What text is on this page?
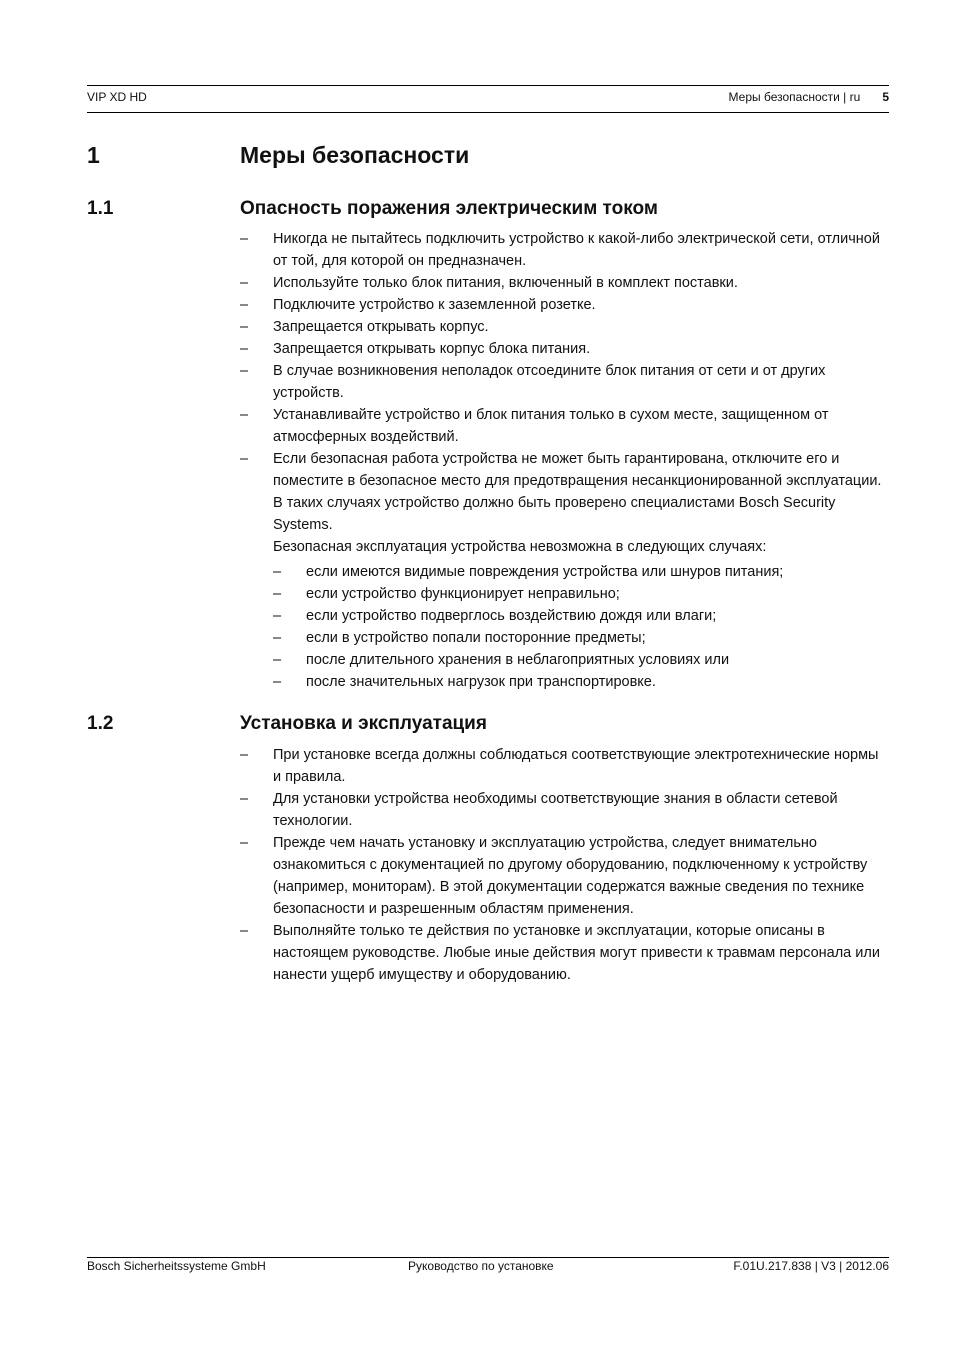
VIP XD HD	Меры безопасности | ru 5
1	Меры безопасности
1.1	Опасность поражения электрическим током
– Никогда не пытайтесь подключить устройство к какой-либо электрической сети, отличной от той, для которой он предназначен.
– Используйте только блок питания, включенный в комплект поставки.
– Подключите устройство к заземленной розетке.
– Запрещается открывать корпус.
– Запрещается открывать корпус блока питания.
– В случае возникновения неполадок отсоедините блок питания от сети и от других устройств.
– Устанавливайте устройство и блок питания только в сухом месте, защищенном от атмосферных воздействий.
– Если безопасная работа устройства не может быть гарантирована, отключите его и поместите в безопасное место для предотвращения несанкционированной эксплуатации. В таких случаях устройство должно быть проверено специалистами Bosch Security Systems.
Безопасная эксплуатация устройства невозможна в следующих случаях:
– если имеются видимые повреждения устройства или шнуров питания;
– если устройство функционирует неправильно;
– если устройство подверглось воздействию дождя или влаги;
– если в устройство попали посторонние предметы;
– после длительного хранения в неблагоприятных условиях или
– после значительных нагрузок при транспортировке.
1.2	Установка и эксплуатация
– При установке всегда должны соблюдаться соответствующие электротехнические нормы и правила.
– Для установки устройства необходимы соответствующие знания в области сетевой технологии.
– Прежде чем начать установку и эксплуатацию устройства, следует внимательно ознакомиться с документацией по другому оборудованию, подключенному к устройству (например, мониторам). В этой документации содержатся важные сведения по технике безопасности и разрешенным областям применения.
– Выполняйте только те действия по установке и эксплуатации, которые описаны в настоящем руководстве. Любые иные действия могут привести к травмам персонала или нанести ущерб имуществу и оборудованию.
Bosch Sicherheitssysteme GmbH	Руководство по установке	F.01U.217.838 | V3 | 2012.06
